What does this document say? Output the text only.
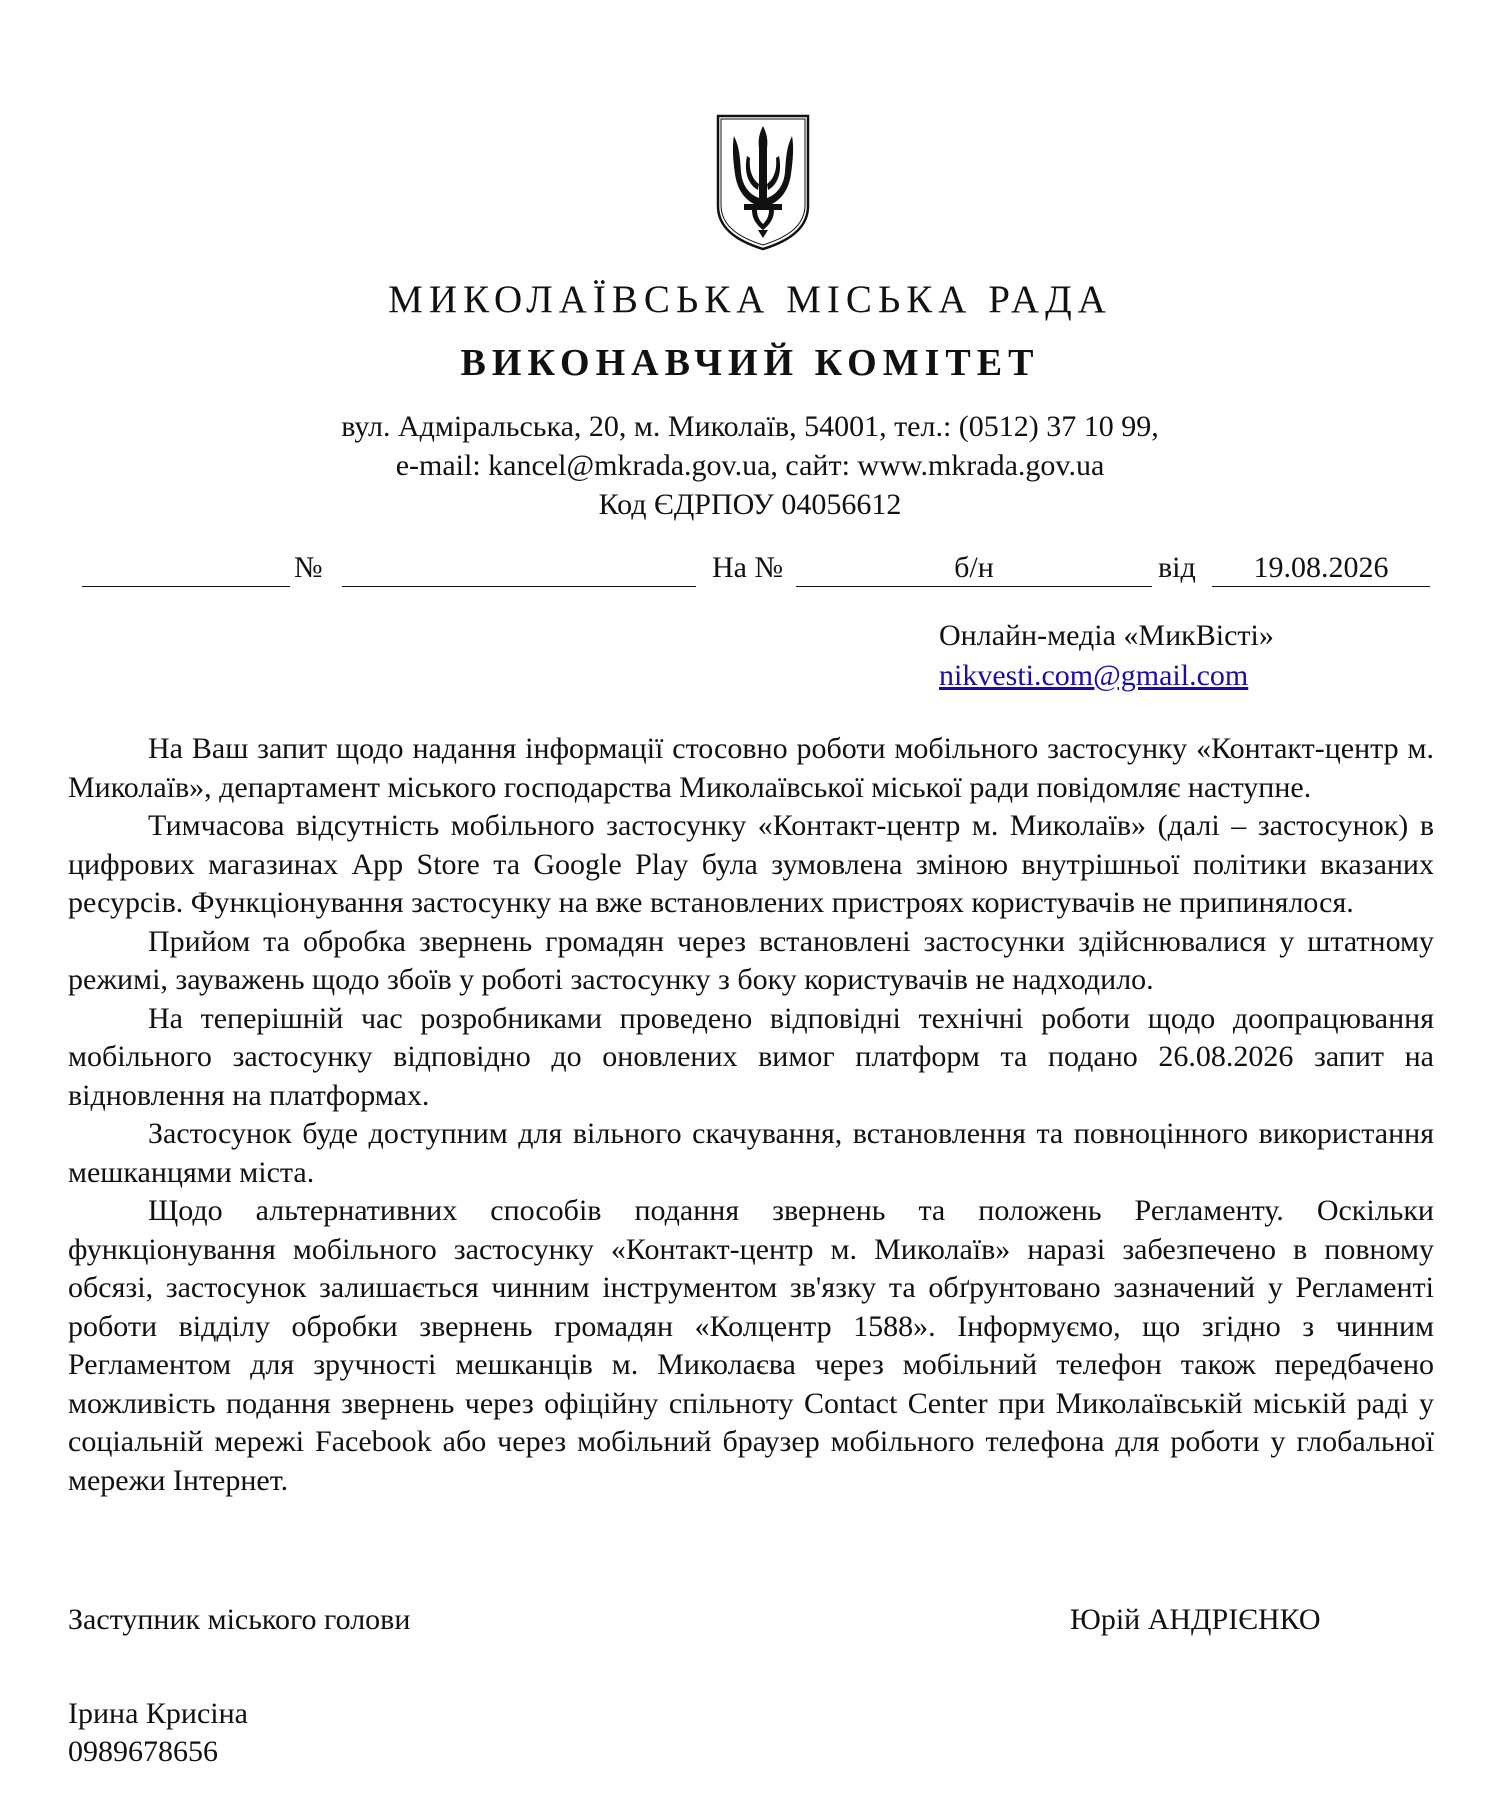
МИКОЛАЇВСЬКА МІСЬКА РАДА
ВИКОНАВЧИЙ КОМІТЕТ
вул. Адміральська, 20, м. Миколаїв, 54001, тел.: (0512) 37 10 99,
e-mail: kancel@mkrada.gov.ua, сайт: www.mkrada.gov.ua
Код ЄДРПОУ 04056612
№	На №	б/н	від	19.08.2026
Онлайн-медіа «МикВісті»
nikvesti.com@gmail.com

На Ваш запит щодо надання інформації стосовно роботи мобільного застосунку «Контакт-центр м. Миколаїв», департамент міського господарства Миколаївської міської ради повідомляє наступне.

Тимчасова відсутність мобільного застосунку «Контакт-центр м. Миколаїв» (далі – застосунок) в цифрових магазинах App Store та Google Play була зумовлена зміною внутрішньої політики вказаних ресурсів. Функціонування застосунку на вже встановлених пристроях користувачів не припинялося.

Прийом та обробка звернень громадян через встановлені застосунки здійснювалися у штатному режимі, зауважень щодо збоїв у роботі застосунку з боку користувачів не надходило.

На теперішній час розробниками проведено відповідні технічні роботи щодо доопрацювання мобільного застосунку відповідно до оновлених вимог платформ та подано 26.08.2026 запит на відновлення на платформах.

Застосунок буде доступним для вільного скачування, встановлення та повноцінного використання мешканцями міста.

Щодо альтернативних способів подання звернень та положень Регламенту. Оскільки функціонування мобільного застосунку «Контакт-центр м. Миколаїв» наразі забезпечено в повному обсязі, застосунок залишається чинним інструментом зв'язку та обґрунтовано зазначений у Регламенті роботи відділу обробки звернень громадян «Колцентр 1588». Інформуємо, що згідно з чинним Регламентом для зручності мешканців м. Миколаєва через мобільний телефон також передбачено можливість подання звернень через офіційну спільноту Contact Center при Миколаївській міській раді у соціальній мережі Facebook або через мобільний браузер мобільного телефона для роботи у глобальної мережи Інтернет.

Заступник міського голови	Юрій АНДРІЄНКО
Ірина Крисіна
0989678656
